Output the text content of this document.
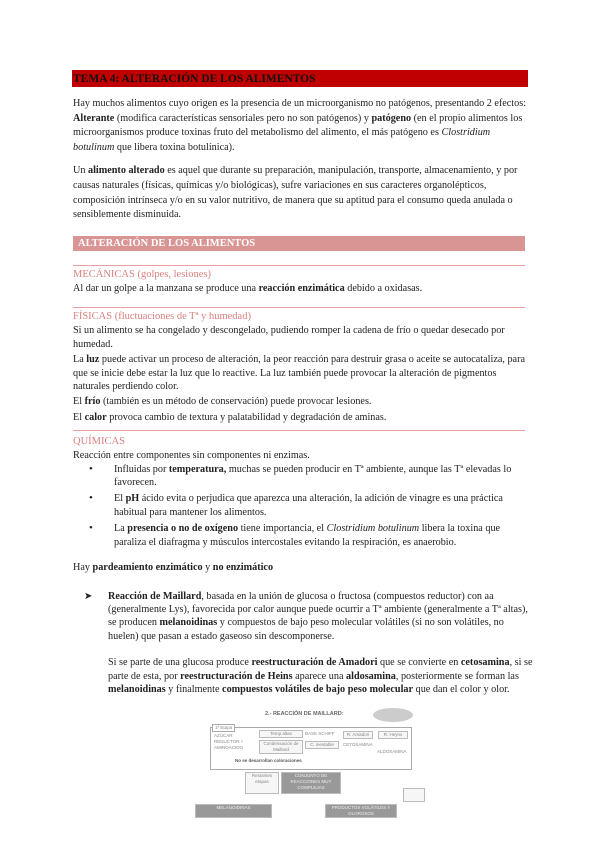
TEMA 4: ALTERACIÓN DE LOS ALIMENTOS

Hay muchos alimentos cuyo origen es la presencia de un microorganismo no patógenos, presentando 2 efectos: Alterante (modifica características sensoriales pero no son patógenos) y patógeno (en el propio alimentos los microorganismos produce toxinas fruto del metabolismo del alimento, el más patógeno es Clostridium botulinum que libera toxina botulínica).

Un alimento alterado es aquel que durante su preparación, manipulación, transporte, almacenamiento, y por causas naturales (físicas, químicas y/o biológicas), sufre variaciones en sus caracteres organolépticos, composición intrínseca y/o en su valor nutritivo, de manera que su aptitud para el consumo queda anulada o sensiblemente disminuida.

ALTERACIÓN DE LOS ALIMENTOS
MECÁNICAS (golpes, lesiones)
Al dar un golpe a la manzana se produce una reacción enzimática debido a oxidasas.
FÍSICAS (fluctuaciones de Tª y humedad)

Si un alimento se ha congelado y descongelado, pudiendo romper la cadena de frío o quedar desecado por humedad.

La luz puede activar un proceso de alteración, la peor reacción para destruir grasa o aceite se autocataliza, para que se inicie debe estar la luz que lo reactive. La luz también puede provocar la alteración de pigmentos naturales perdiendo color.

El frío (también es un método de conservación) puede provocar lesiones.

El calor provoca cambio de textura y palatabilidad y degradación de aminas.

QUÍMICAS

Reacción entre componentes sin componentes ni enzimas.

• Influidas por temperatura, muchas se pueden producir en Tª ambiente, aunque las Tª elevadas lo favorecen.
• El pH ácido evita o perjudica que aparezca una alteración, la adición de vinagre es una práctica habitual para mantener los alimentos.
• La presencia o no de oxígeno tiene importancia, el Clostridium botulinum libera la toxina que paraliza el diafragma y músculos intercostales evitando la respiración, es anaerobio.
Hay pardeamiento enzimático y no enzimático
➤ Reacción de Maillard, basada en la unión de glucosa o fructosa (compuestos reductor) con aa (generalmente Lys), favorecida por calor aunque puede ocurrir a Tª ambiente (generalmente a Tª altas), se producen melanoidinas y compuestos de bajo peso molecular volátiles (si no son volátiles, no huelen) que pasan a estado gaseoso sin descomponerse.

Si se parte de una glucosa produce reestructuración de Amadori que se convierte en cetosamina, si se parte de esta, por reestructuración de Heins aparece una aldosamina, posteriormente se forman las melanoidinas y finalmente compuestos volátiles de bajo peso molecular que dan el color y olor.

2.- REACCIÓN DE MAILLARD:
1ª Etapa
AZÚCAR REDUCTOR + AMINOÁCIDO
Temp altas
Condensación de Maillard
BASE SCHIFF
C. inestable
R. Amadori
CETOSAMINA
R. Heyns
ALDOSAMINA
No se desarrollan coloraciones
Restantes etapas
CONJUNTO DE REACCIONES MUY COMPLEJAS
MELANOIDINAS	PRODUCTOS VOLÁTILES Y OLOROSOS
